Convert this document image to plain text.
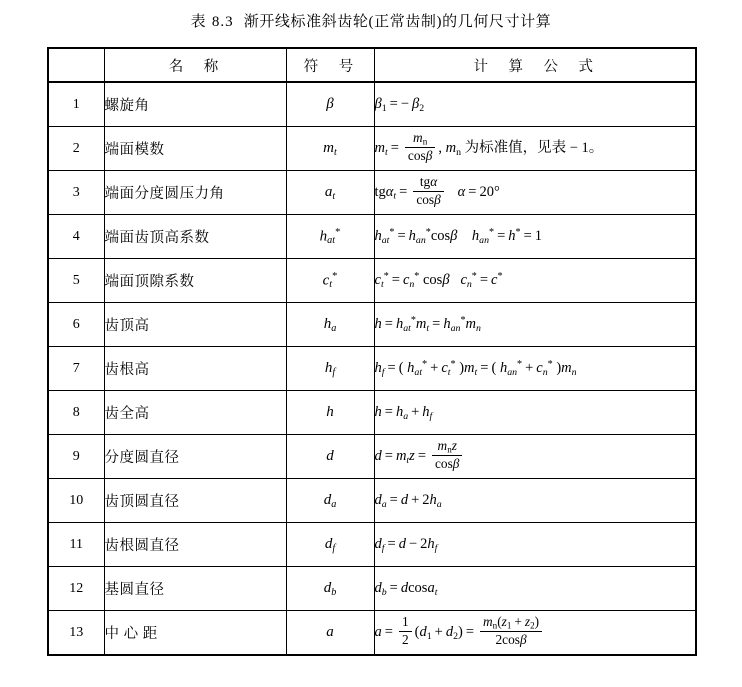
表 8.3 渐开线标准斜齿轮(正常齿制)的几何尺寸计算
	名　称	符　号	计　算　公　式
1	螺旋角	β	β1 = − β2
2	端面模数	$m_t$	$m_t = \frac{mn}{\cos\beta}$ , mn 为标准值，见表 − 1。
3	端面分度圆压力角	$a_t$	$tg\alpha_t = \frac{\text{tgα}}{\cos\beta}$ α = 20°
4	端面齿顶高系数	$h_{at}^*$	$h_{at}^* = h_{an}^*\cos\beta$ $h_{an}^* = h^* = 1$
5	端面顶隙系数	$c_t^*$	$c_t^* = c_n^*$ cosβ $c_n^* = c^*$
6	齿顶高	$h_a$	$h = h_{at}^*m_t = h_{an}^*m_n$
7	齿根高	$h_f$	$h_f$ = ( $h_{at}^* + c_t^*$ )$m_t$ = ( $h_{an}^* + c_n^*$ )$m_n$
8	齿全高	h	$h = h_a + h_f$
9	分度圆直径	d	$d = m_tz = \frac{\text{mnz}}{\cos\beta}$

10	齿顶圆直径	$d_a$	$d_a = d + 2h_a$
11	齿根圆直径	$d_f$	$d_f = d - 2h_f$
12	基圆直径	$d_b$	$d_b = dcosa_t$
13	中 心 距	a	$a = \frac{1}{2} (d1 + d2) = \frac{mn(z1 + z2)}{2\cos\beta}$
